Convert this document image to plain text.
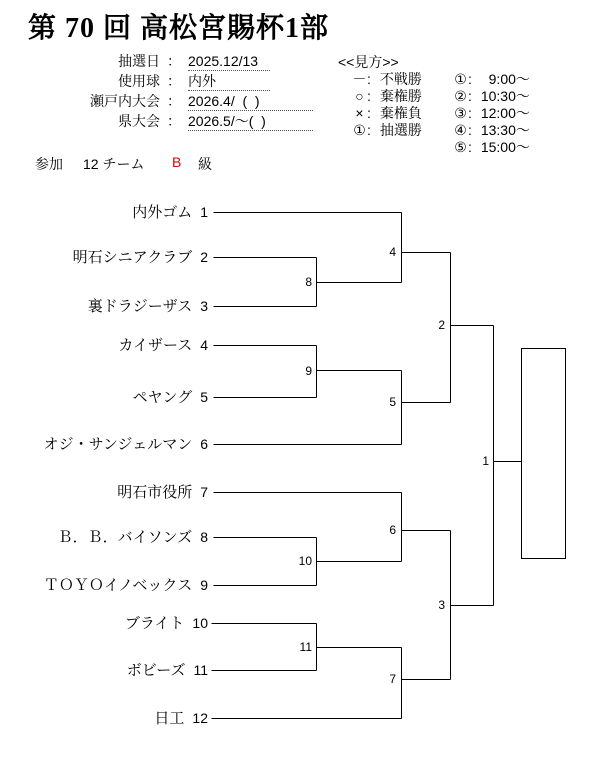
第 70 回 高松宮賜杯1部
抽選日 ： 2025.12/13
使用球 ： 内外
瀬戸内大会 ： 2026.4/  (  )
県大会 ： 2026.5/～(  )
<<見方>>
－: 不戦勝
○ : 棄権勝
× : 棄権負
①: 抽選勝
①: 9:00～
②: 10:30～
③: 12:00～
④: 13:30～
⑤: 15:00～
参加 12 チーム B 級
内外ゴム 1
明石シニアクラブ 2
裏ドラジーザス 3
カイザース 4
ペヤング 5
オジ・サンジェルマン 6
明石市役所 7
Ｂ．Ｂ．バイソンズ 8
ＴＯＹＯイノベックス 9
ブライト 10
ボビーズ 11
日工 12
1
2
3
4
5
6
7
8
9
10
11
